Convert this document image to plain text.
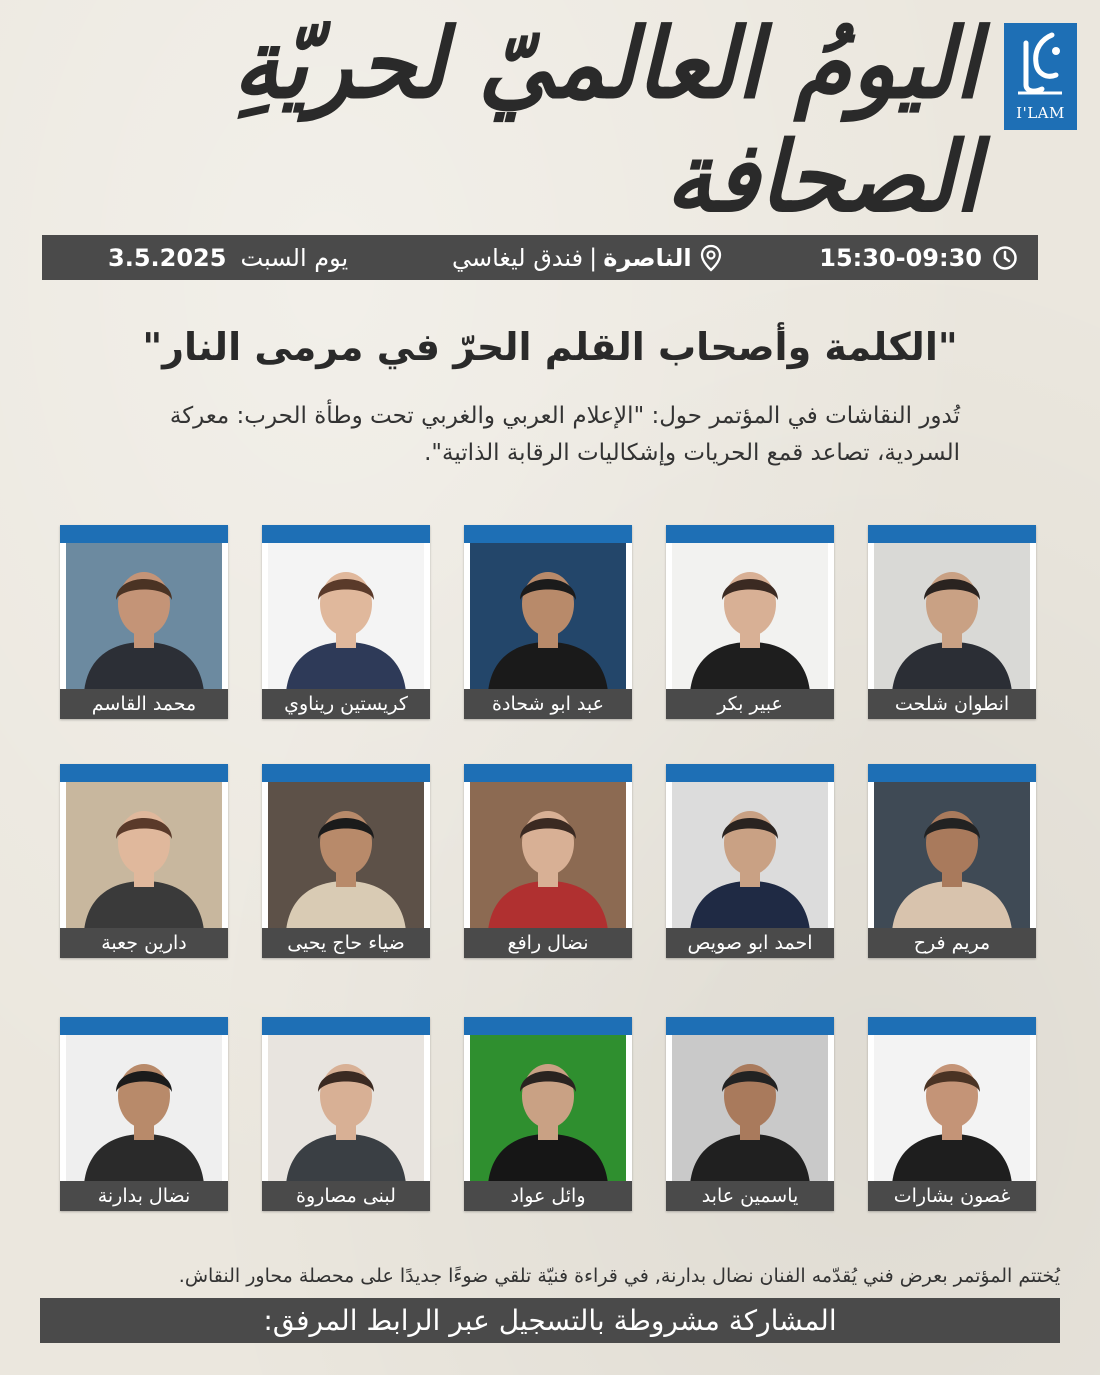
I'LAM
اليومُ العالميّ لحريّةِ الصحافة
15:30-09:30
الناصرة
|
فندق ليغاسي
يوم السبت
3.5.2025
"الكلمة وأصحاب القلم الحرّ في مرمى النار"
تُدور النقاشات في المؤتمر حول: "الإعلام العربي والغربي تحت وطأة الحرب: معركة السردية، تصاعد قمع الحريات وإشكاليات الرقابة الذاتية".
انطوان شلحت
عبير بكر
عبد ابو شحادة
كريستين ريناوي
محمد القاسم
مريم فرح
احمد ابو صويص
نضال رافع
ضياء حاج يحيى
دارين جعبة
غصون بشارات
ياسمين عابد
وائل عواد
لبنى مصاروة
نضال بدارنة
يُختتم المؤتمر بعرض فني يُقدّمه الفنان نضال بدارنة, في قراءة فنيّة تلقي ضوءًا جديدًا على محصلة محاور النقاش.
المشاركة مشروطة بالتسجيل عبر الرابط المرفق:
